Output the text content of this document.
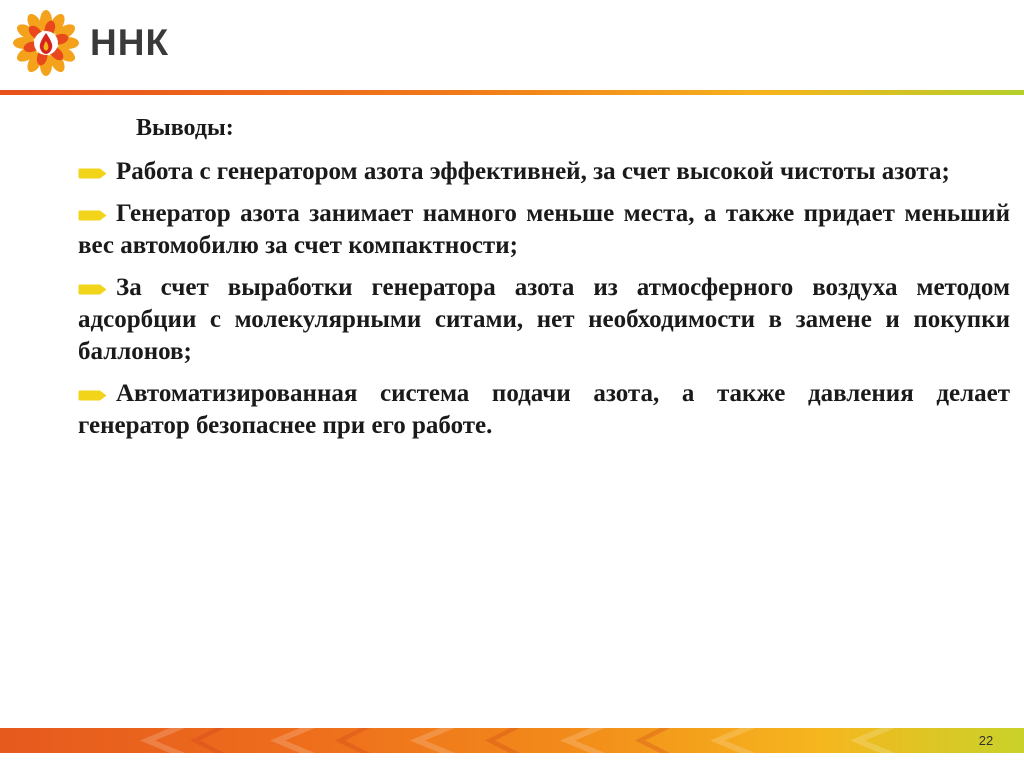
ННК
Выводы:
Работа с генератором азота эффективней, за счет высокой чистоты азота;
Генератор азота занимает намного меньше места, а также придает меньший вес автомобилю за счет компактности;
За счет выработки генератора азота из атмосферного воздуха методом адсорбции с молекулярными ситами, нет необходимости в замене и покупки баллонов;
Автоматизированная система подачи азота, а также давления делает генератор безопаснее при его работе.
22
